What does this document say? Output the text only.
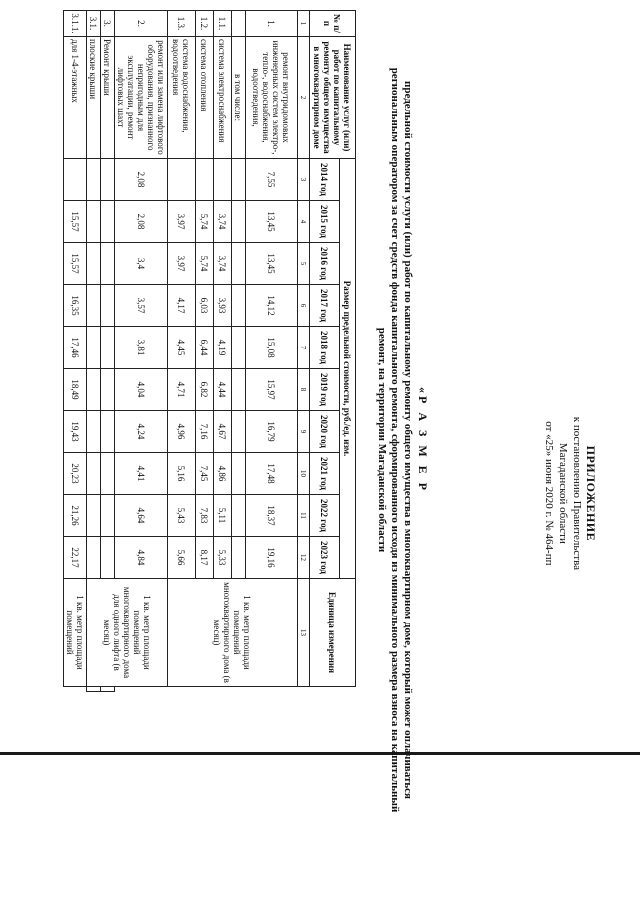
ПРИЛОЖЕНИЕ
к постановлению Правительства
Магаданской области
от «25» июня 2020 г. № 464-пп
«Р А З М Е Р
предельной стоимости услуги (или) работ по капитальному ремонту общего имущества в многоквартирном доме, который может оплачиваться региональным оператором за счет средств фонда капитального ремонта, сформированного исходя из минимального размера взноса на капитальный ремонт, на территории Магаданской области
№ п/п	Наименование услуг (или) работ по капитальному ремонту общего имущества в многоквартирном доме	Размер предельной стоимости, руб./ед. изм.										Единица измерения	
		2014 год	2015 год	2016 год	2017 год	2018 год	2019 год	2020 год	2021 год	2022 год	2023 год		
1	2	3	4	5	6	7	8	9	10	11	12	13	
1.	ремонт внутридомовых инженерных систем электро-, тепло-, водоснабжения, водоотведения,	7,55	13,45	13,45	14,12	15,08	15,97	16,79	17,48	18,37	19,16	1 кв. метр площади помещений многоквартирного дома (в месяц)	
	в том числе:												
1.1.	система электроснабжения		3,74	3,74	3,93	4,19	4,44	4,67	4,86	5,11	5,33		
1.2.	система отопления		5,74	5,74	6,03	6,44	6,82	7,16	7,45	7,83	8,17		
1.3.	система водоснабжения, водоотведения		3,97	3,97	4,17	4,45	4,71	4,96	5,16	5,43	5,66		
2.	ремонт или замена лифтового оборудования, признанного непригодным для эксплуатации, ремонт лифтовых шахт	2,08	2,08	3,4	3,57	3,81	4,04	4,24	4,41	4,64	4,84	1 кв. метр площади помещений многоквартирного дома для одного лифта (в месяц)	
3.	Ремонт крыши												
3.1.	плоские крыши												
3.1.1.	для 1-4-этажных		15,57	15,57	16,35	17,46	18,49	19,43	20,23	21,26	22,17	1 кв. метр площади помещений	
